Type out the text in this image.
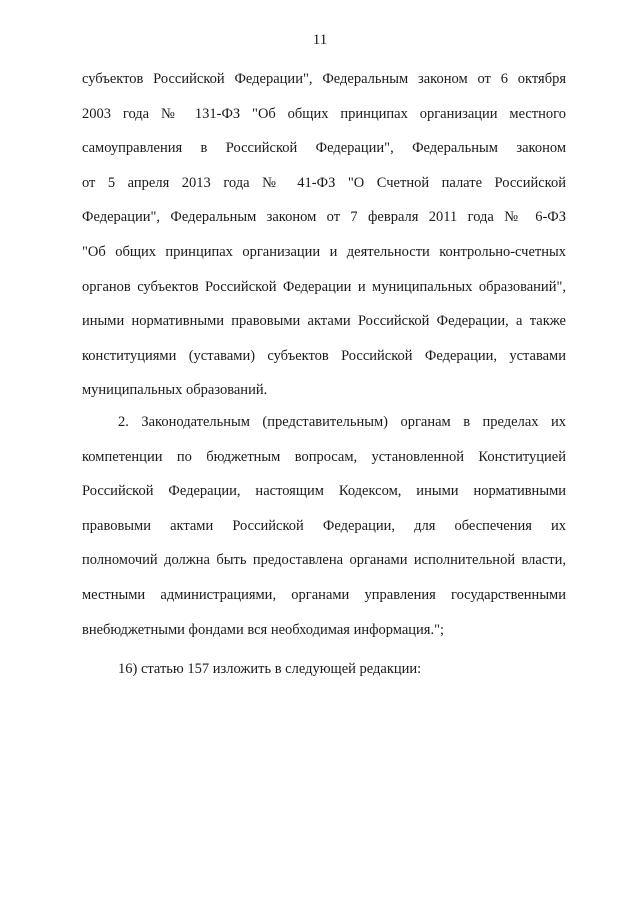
11
субъектов Российской Федерации", Федеральным законом от 6 октября
2003 года № 131-ФЗ "Об общих принципах организации местного
самоуправления в Российской Федерации", Федеральным законом
от 5 апреля 2013 года № 41-ФЗ "О Счетной палате Российской
Федерации", Федеральным законом от 7 февраля 2011 года № 6-ФЗ
"Об общих принципах организации и деятельности контрольно-счетных
органов субъектов Российской Федерации и муниципальных образований",
иными нормативными правовыми актами Российской Федерации, а также
конституциями (уставами) субъектов Российской Федерации, уставами
муниципальных образований.
2. Законодательным (представительным) органам в пределах их
компетенции по бюджетным вопросам, установленной Конституцией
Российской Федерации, настоящим Кодексом, иными нормативными
правовыми актами Российской Федерации, для обеспечения их
полномочий должна быть предоставлена органами исполнительной власти,
местными администрациями, органами управления государственными
внебюджетными фондами вся необходимая информация.";
16) статью 157 изложить в следующей редакции:
